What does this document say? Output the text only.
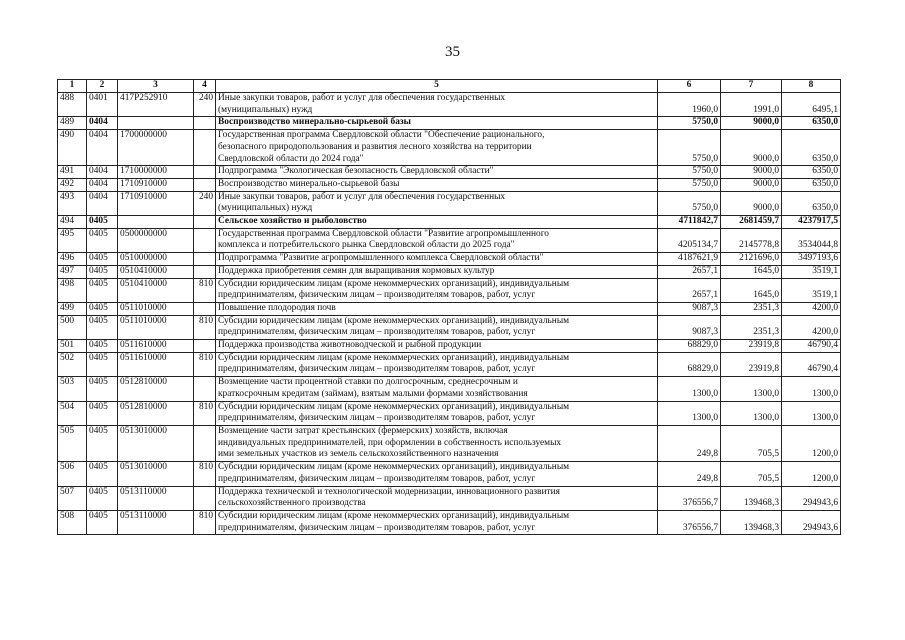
35
1	2	3	4	5	6	7	8
488	0401	417P252910	240	Иные закупки товаров, работ и услуг для обеспечения государственных
(муниципальных) нужд	1960,0	1991,0	6495,1
489	0404			Воспроизводство минерально-сырьевой базы	5750,0	9000,0	6350,0
490	0404	1700000000		Государственная программа Свердловской области "Обеспечение рационального,
безопасного природопользования и развития лесного хозяйства на территории
Свердловской области до 2024 года"	5750,0	9000,0	6350,0
491	0404	1710000000		Подпрограмма "Экологическая безопасность Свердловской области"	5750,0	9000,0	6350,0
492	0404	1710910000		Воспроизводство минерально-сырьевой базы	5750,0	9000,0	6350,0
493	0404	1710910000	240	Иные закупки товаров, работ и услуг для обеспечения государственных
(муниципальных) нужд	5750,0	9000,0	6350,0
494	0405			Сельское хозяйство и рыболовство	4711842,7	2681459,7	4237917,5
495	0405	0500000000		Государственная программа Свердловской области "Развитие агропромышленного
комплекса и потребительского рынка Свердловской области до 2025 года"	4205134,7	2145778,8	3534044,8
496	0405	0510000000		Подпрограмма "Развитие агропромышленного комплекса Свердловской области"	4187621,9	2121696,0	3497193,6
497	0405	0510410000		Поддержка приобретения семян для выращивания кормовых культур	2657,1	1645,0	3519,1
498	0405	0510410000	810	Субсидии юридическим лицам (кроме некоммерческих организаций), индивидуальным
предпринимателям, физическим лицам – производителям товаров, работ, услуг	2657,1	1645,0	3519,1
499	0405	0511010000		Повышение плодородия почв	9087,3	2351,3	4200,0
500	0405	0511010000	810	Субсидии юридическим лицам (кроме некоммерческих организаций), индивидуальным
предпринимателям, физическим лицам – производителям товаров, работ, услуг	9087,3	2351,3	4200,0
501	0405	0511610000		Поддержка производства животноводческой и рыбной продукции	68829,0	23919,8	46790,4
502	0405	0511610000	810	Субсидии юридическим лицам (кроме некоммерческих организаций), индивидуальным
предпринимателям, физическим лицам – производителям товаров, работ, услуг	68829,0	23919,8	46790,4
503	0405	0512810000		Возмещение части процентной ставки по долгосрочным, среднесрочным и
краткосрочным кредитам (займам), взятым малыми формами хозяйствования	1300,0	1300,0	1300,0
504	0405	0512810000	810	Субсидии юридическим лицам (кроме некоммерческих организаций), индивидуальным
предпринимателям, физическим лицам – производителям товаров, работ, услуг	1300,0	1300,0	1300,0
505	0405	0513010000		Возмещение части затрат крестьянских (фермерских) хозяйств, включая
индивидуальных предпринимателей, при оформлении в собственность используемых
ими земельных участков из земель сельскохозяйственного назначения	249,8	705,5	1200,0
506	0405	0513010000	810	Субсидии юридическим лицам (кроме некоммерческих организаций), индивидуальным
предпринимателям, физическим лицам – производителям товаров, работ, услуг	249,8	705,5	1200,0
507	0405	0513110000		Поддержка технической и технологической модернизации, инновационного развития
сельскохозяйственного производства	376556,7	139468,3	294943,6
508	0405	0513110000	810	Субсидии юридическим лицам (кроме некоммерческих организаций), индивидуальным
предпринимателям, физическим лицам – производителям товаров, работ, услуг	376556,7	139468,3	294943,6
